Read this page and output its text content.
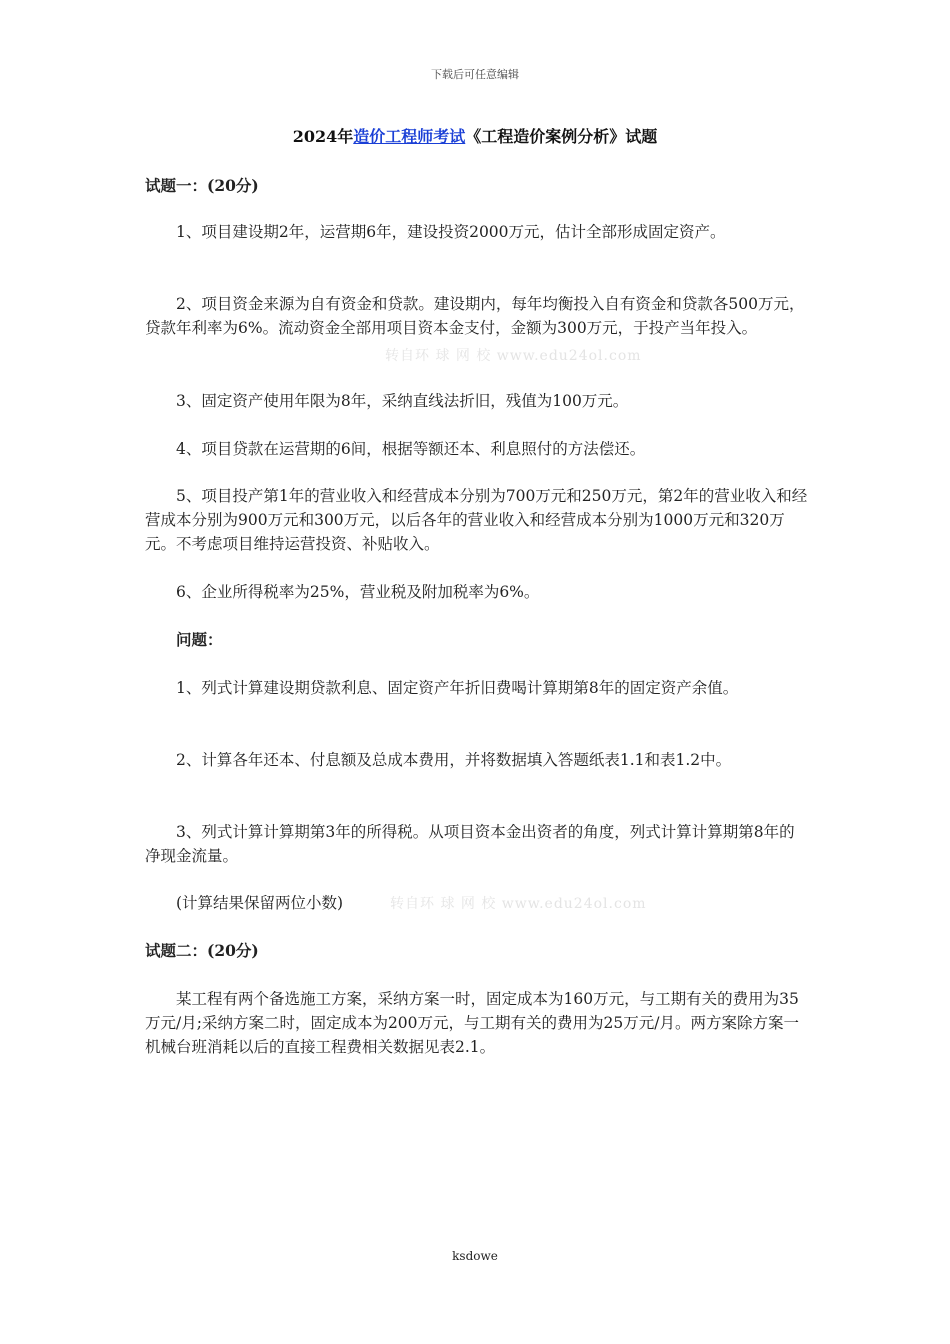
下载后可任意编辑
2024年造价工程师考试《工程造价案例分析》试题
试题一：(20分)
1、项目建设期2年，运营期6年，建设投资2000万元，估计全部形成固定资产。
2、项目资金来源为自有资金和贷款。建设期内，每年均衡投入自有资金和贷款各500万元，贷款年利率为6%。流动资金全部用项目资本金支付，金额为300万元，于投产当年投入。
3、固定资产使用年限为8年，采纳直线法折旧，残值为100万元。
4、项目贷款在运营期的6间，根据等额还本、利息照付的方法偿还。
5、项目投产第1年的营业收入和经营成本分别为700万元和250万元，第2年的营业收入和经营成本分别为900万元和300万元，以后各年的营业收入和经营成本分别为1000万元和320万元。不考虑项目维持运营投资、补贴收入。
6、企业所得税率为25%，营业税及附加税率为6%。
问题：
1、列式计算建设期贷款利息、固定资产年折旧费喝计算期第8年的固定资产余值。
2、计算各年还本、付息额及总成本费用，并将数据填入答题纸表1.1和表1.2中。
3、列式计算计算期第3年的所得税。从项目资本金出资者的角度，列式计算计算期第8年的净现金流量。
(计算结果保留两位小数)
试题二：(20分)
某工程有两个备选施工方案，采纳方案一时，固定成本为160万元，与工期有关的费用为35万元/月;采纳方案二时，固定成本为200万元，与工期有关的费用为25万元/月。两方案除方案一机械台班消耗以后的直接工程费相关数据见表2.1。
转自环 球 网 校 www.edu24ol.com
转自环 球 网 校 www.edu24ol.com
ksdowe
